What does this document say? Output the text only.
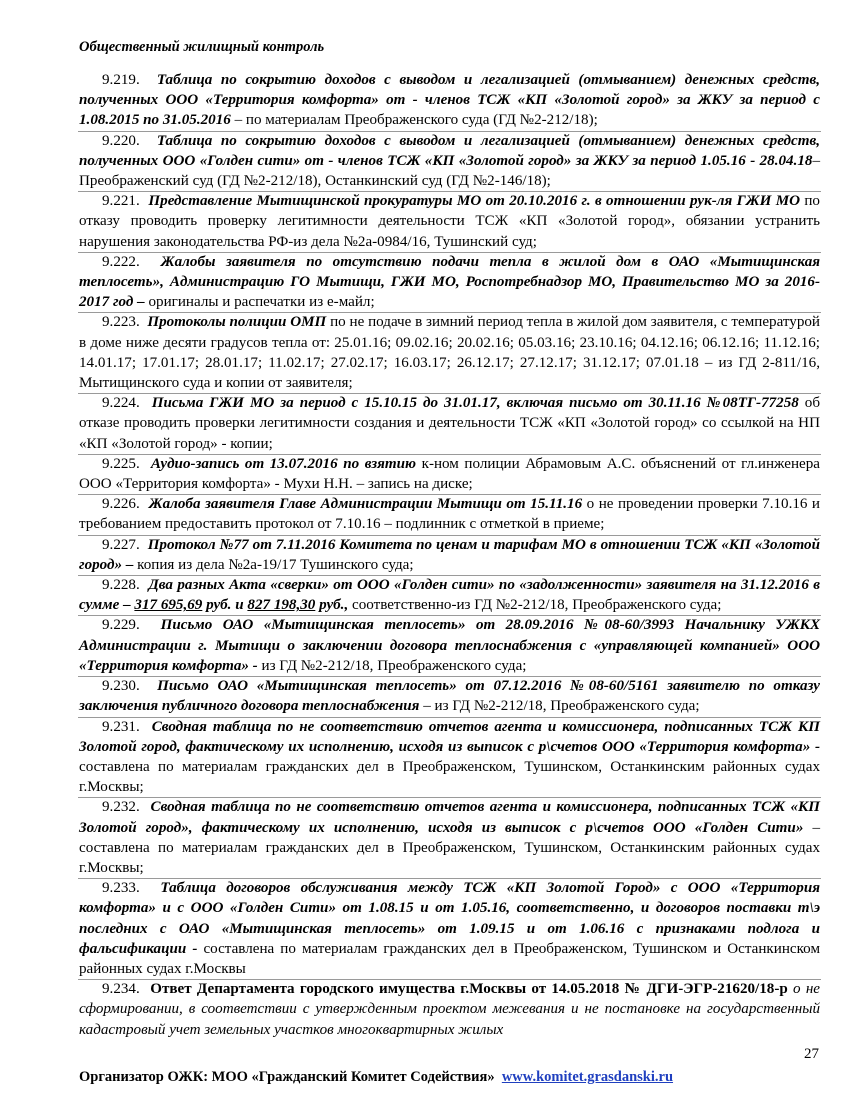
Общественный жилищный контроль

9.219. Таблица по сокрытию доходов с выводом и легализацией (отмыванием) денежных средств, полученных ООО «Территория комфорта» от - членов ТСЖ «КП «Золотой город» за ЖКУ за период с 1.08.2015 по 31.05.2016 – по материалам Преображенского суда (ГД №2-212/18);

9.220. Таблица по сокрытию доходов с выводом и легализацией (отмыванием) денежных средств, полученных ООО «Голден сити» от - членов ТСЖ «КП «Золотой город» за ЖКУ за период 1.05.16 - 28.04.18– Преображенский суд (ГД №2-212/18), Останкинский суд (ГД №2-146/18);

9.221. Представление Мытищинской прокуратуры МО от 20.10.2016 г. в отношении рук-ля ГЖИ МО по отказу проводить проверку легитимности деятельности ТСЖ «КП «Золотой город», обязании устранить нарушения законодательства РФ-из дела №2а-0984/16, Тушинский суд;

9.222. Жалобы заявителя по отсутствию подачи тепла в жилой дом в ОАО «Мытищинская теплосеть», Администрацию ГО Мытищи, ГЖИ МО, Роспотребнадзор МО, Правительство МО за 2016-2017 год – оригиналы и распечатки из е-майл;

9.223. Протоколы полиции ОМП по не подаче в зимний период тепла в жилой дом заявителя, с температурой в доме ниже десяти градусов тепла от: 25.01.16; 09.02.16; 20.02.16; 05.03.16; 23.10.16; 04.12.16; 06.12.16; 11.12.16; 14.01.17; 17.01.17; 28.01.17; 11.02.17; 27.02.17; 16.03.17; 26.12.17; 27.12.17; 31.12.17; 07.01.18 – из ГД 2-811/16, Мытищинского суда и копии от заявителя;

9.224. Письма ГЖИ МО за период с 15.10.15 до 31.01.17, включая письмо от 30.11.16 №08ТГ-77258 об отказе проводить проверки легитимности создания и деятельности ТСЖ «КП «Золотой город» со ссылкой на НП «КП «Золотой город» - копии;

9.225. Аудио-запись от 13.07.2016 по взятию к-ном полиции Абрамовым А.С. объяснений от гл.инженера ООО «Территория комфорта» - Мухи Н.Н. – запись на диске;

9.226. Жалоба заявителя Главе Администрации Мытищи от 15.11.16 о не проведении проверки 7.10.16 и требованием предоставить протокол от 7.10.16 – подлинник с отметкой в приеме;

9.227. Протокол №77 от 7.11.2016 Комитета по ценам и тарифам МО в отношении ТСЖ «КП «Золотой город» – копия из дела №2а-19/17 Тушинского суда;

9.228. Два разных Акта «сверки» от ООО «Голден сити» по «задолженности» заявителя на 31.12.2016 в сумме – 317 695,69 руб. и 827 198,30 руб., соответственно-из ГД №2-212/18, Преображенского суда;

9.229. Письмо ОАО «Мытищинская теплосеть» от 28.09.2016 №08-60/3993 Начальнику УЖКХ Администрации г. Мытищи о заключении договора теплоснабжения с «управляющей компанией» ООО «Территория комфорта» - из ГД №2-212/18, Преображенского суда;

9.230. Письмо ОАО «Мытищинская теплосеть» от 07.12.2016 №08-60/5161 заявителю по отказу заключения публичного договора теплоснабжения – из ГД №2-212/18, Преображенского суда;

9.231. Сводная таблица по не соответствию отчетов агента и комиссионера, подписанных ТСЖ КП Золотой город, фактическому их исполнению, исходя из выписок с р\счетов ООО «Территория комфорта» - составлена по материалам гражданских дел в Преображенском, Тушинском, Останкинским районных судах г.Москвы;

9.232. Сводная таблица по не соответствию отчетов агента и комиссионера, подписанных ТСЖ «КП Золотой город», фактическому их исполнению, исходя из выписок с р\счетов ООО «Голден Сити» – составлена по материалам гражданских дел в Преображенском, Тушинском, Останкинским районных судах г.Москвы;

9.233. Таблица договоров обслуживания между ТСЖ «КП Золотой Город» с ООО «Территория комфорта» и с ООО «Голден Сити» от 1.08.15 и от 1.05.16, соответственно, и договоров поставки т\э последних с ОАО «Мытищинская теплосеть» от 1.09.15 и от 1.06.16 с признаками подлога и фальсификации - составлена по материалам гражданских дел в Преображенском, Тушинском и Останкинском районных судах г.Москвы

9.234. Ответ Департамента городского имущества г.Москвы от 14.05.2018 № ДГИ-ЭГР-21620/18-р о не сформировании, в соответствии с утвержденным проектом межевания и не постановке на государственный кадастровый учет земельных участков многоквартирных жилых

27
Организатор ОЖК: МОО «Гражданский Комитет Содействия» www.komitet.grasdanski.ru
